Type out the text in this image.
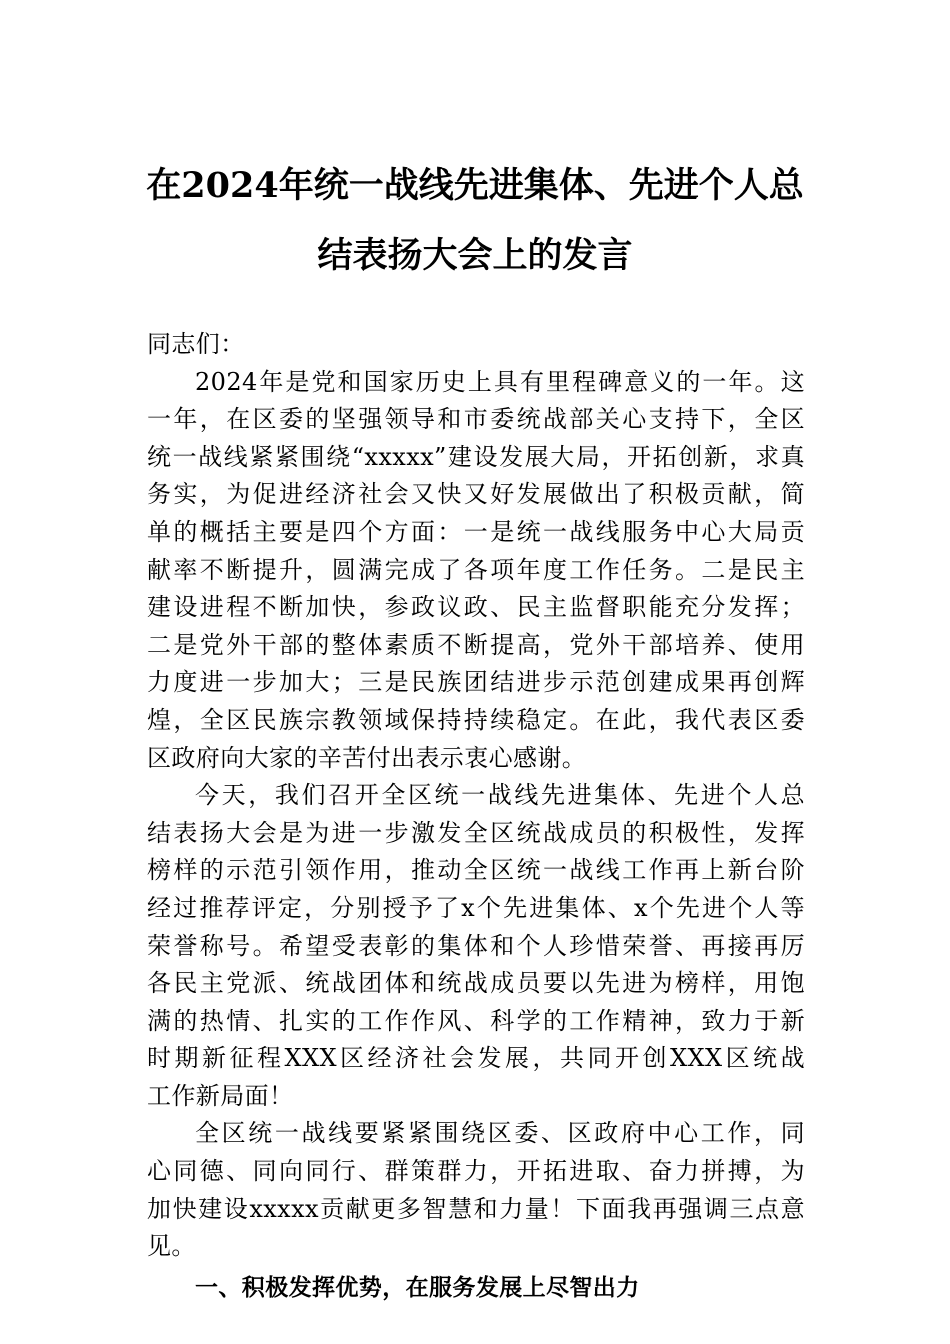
在2024年统一战线先进集体、先进个人总
结表扬大会上的发言
同志们：
2024年是党和国家历史上具有里程碑意义的一年。这
一年，在区委的坚强领导和市委统战部关心支持下，全区
统一战线紧紧围绕“xxxxx”建设发展大局，开拓创新，求真
务实，为促进经济社会又快又好发展做出了积极贡献，简
单的概括主要是四个方面：一是统一战线服务中心大局贡
献率不断提升，圆满完成了各项年度工作任务。二是民主
建设进程不断加快，参政议政、民主监督职能充分发挥；
二是党外干部的整体素质不断提高，党外干部培养、使用
力度进一步加大；三是民族团结进步示范创建成果再创辉
煌，全区民族宗教领域保持持续稳定。在此，我代表区委
区政府向大家的辛苦付出表示衷心感谢。
今天，我们召开全区统一战线先进集体、先进个人总
结表扬大会是为进一步激发全区统战成员的积极性，发挥
榜样的示范引领作用，推动全区统一战线工作再上新台阶
经过推荐评定，分别授予了x个先进集体、x个先进个人等
荣誉称号。希望受表彰的集体和个人珍惜荣誉、再接再厉
各民主党派、统战团体和统战成员要以先进为榜样，用饱
满的热情、扎实的工作作风、科学的工作精神，致力于新
时期新征程XXX区经济社会发展，共同开创XXX区统战
工作新局面！
全区统一战线要紧紧围绕区委、区政府中心工作，同
心同德、同向同行、群策群力，开拓进取、奋力拼搏，为
加快建设xxxxx贡献更多智慧和力量！下面我再强调三点意
见。
一、积极发挥优势，在服务发展上尽智出力
